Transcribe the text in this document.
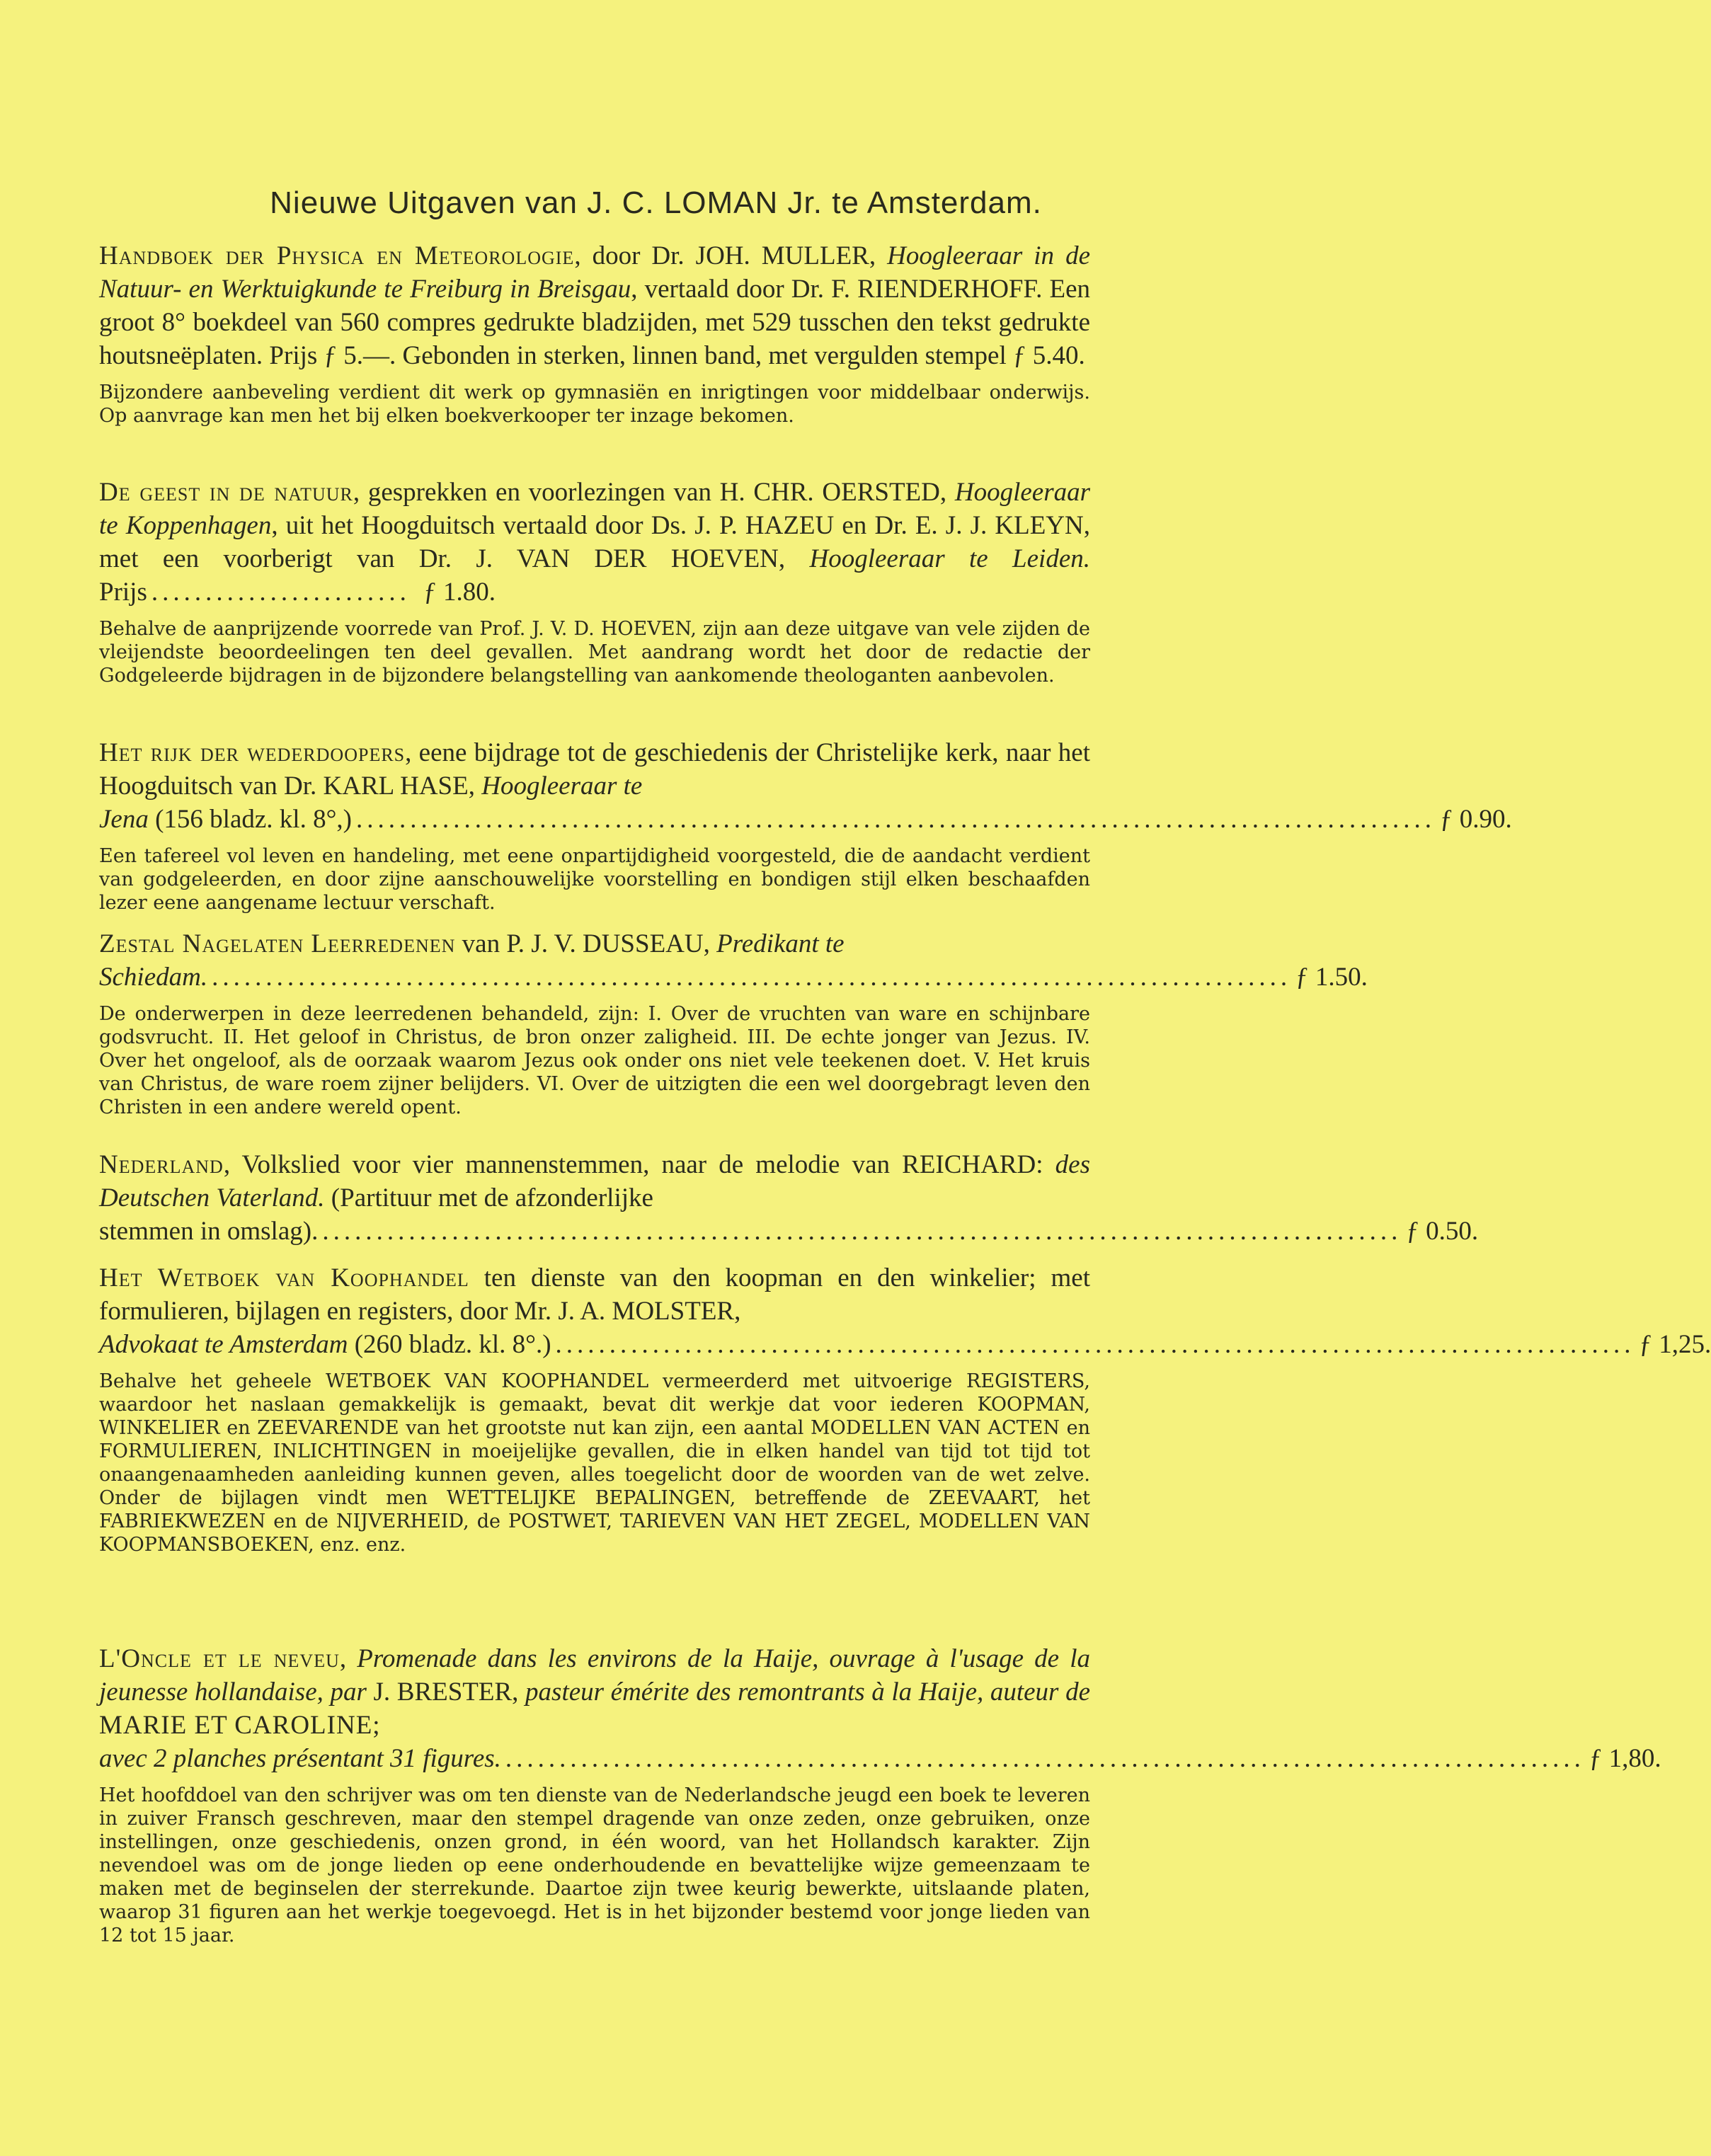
Nieuwe Uitgaven van J. C. LOMAN Jr. te Amsterdam.
Handboek der Physica en Meteorologie, door Dr. JOH. MULLER, Hoogleeraar in de Natuur- en Werktuigkunde te Freiburg in Breisgau, vertaald door Dr. F. RIENDERHOFF. Een groot 8° boekdeel van 560 compres gedrukte bladzijden, met 529 tusschen den tekst gedrukte houtsneëplaten. Prijs ƒ 5.—. Gebonden in sterken, linnen band, met vergulden stempel ƒ 5.40.
Bijzondere aanbeveling verdient dit werk op gymnasiën en inrigtingen voor middelbaar onderwijs. Op aanvrage kan men het bij elken boekverkooper ter inzage bekomen.
De geest in de natuur, gesprekken en voorlezingen van H. CHR. OERSTED, Hoogleeraar te Koppenhagen, uit het Hoogduitsch vertaald door Ds. J. P. HAZEU en Dr. E. J. J. KLEYN, met een voorberigt van Dr. J. VAN DER HOEVEN, Hoogleeraar te Leiden.
Prijs ........................ ƒ 1.80.
Behalve de aanprijzende voorrede van Prof. J. V. D. HOEVEN, zijn aan deze uitgave van vele zijden de vleijendste beoordeelingen ten deel gevallen. Met aandrang wordt het door de redactie der Godgeleerde bijdragen in de bijzondere belangstelling van aankomende theologanten aanbevolen.
Het rijk der wederdoopers, eene bijdrage tot de geschiedenis der Christelijke kerk, naar het Hoogduitsch van Dr. KARL HASE, Hoogleeraar te
Jena (156 bladz. kl. 8°,) .................................................................................................... ƒ 0.90.
Een tafereel vol leven en handeling, met eene onpartijdigheid voorgesteld, die de aandacht verdient van godgeleerden, en door zijne aanschouwelijke voorstelling en bondigen stijl elken beschaafden lezer eene aangename lectuur verschaft.
Zestal Nagelaten Leerredenen van P. J. V. DUSSEAU, Predikant te
Schiedam. .................................................................................................... ƒ 1.50.
De onderwerpen in deze leerredenen behandeld, zijn: I. Over de vruchten van ware en schijnbare godsvrucht. II. Het geloof in Christus, de bron onzer zaligheid. III. De echte jonger van Jezus. IV. Over het ongeloof, als de oorzaak waarom Jezus ook onder ons niet vele teekenen doet. V. Het kruis van Christus, de ware roem zijner belijders. VI. Over de uitzigten die een wel doorgebragt leven den Christen in een andere wereld opent.
Nederland, Volkslied voor vier mannenstemmen, naar de melodie van REICHARD: des Deutschen Vaterland. (Partituur met de afzonderlijke
stemmen in omslag). .................................................................................................... ƒ 0.50.
Het Wetboek van Koophandel ten dienste van den koopman en den winkelier; met formulieren, bijlagen en registers, door Mr. J. A. MOLSTER,
Advokaat te Amsterdam (260 bladz. kl. 8°.) .................................................................................................... ƒ 1,25.
Behalve het geheele WETBOEK VAN KOOPHANDEL vermeerderd met uitvoerige REGISTERS, waardoor het naslaan gemakkelijk is gemaakt, bevat dit werkje dat voor iederen KOOPMAN, WINKELIER en ZEEVARENDE van het grootste nut kan zijn, een aantal MODELLEN VAN ACTEN en FORMULIEREN, INLICHTINGEN in moeijelijke gevallen, die in elken handel van tijd tot tijd tot onaangenaamheden aanleiding kunnen geven, alles toegelicht door de woorden van de wet zelve. Onder de bijlagen vindt men WETTELIJKE BEPALINGEN, betreffende de ZEEVAART, het FABRIEKWEZEN en de NIJVERHEID, de POSTWET, TARIEVEN VAN HET ZEGEL, MODELLEN VAN KOOPMANSBOEKEN, enz. enz.
L'Oncle et le neveu, Promenade dans les environs de la Haije, ouvrage à l'usage de la jeunesse hollandaise, par J. BRESTER, pasteur émérite des remontrants à la Haije, auteur de MARIE ET CAROLINE;
avec 2 planches présentant 31 figures. .................................................................................................... ƒ 1,80.
Het hoofddoel van den schrijver was om ten dienste van de Nederlandsche jeugd een boek te leveren in zuiver Fransch geschreven, maar den stempel dragende van onze zeden, onze gebruiken, onze instellingen, onze geschiedenis, onzen grond, in één woord, van het Hollandsch karakter. Zijn nevendoel was om de jonge lieden op eene onderhoudende en bevattelijke wijze gemeenzaam te maken met de beginselen der sterrekunde. Daartoe zijn twee keurig bewerkte, uitslaande platen, waarop 31 figuren aan het werkje toegevoegd. Het is in het bijzonder bestemd voor jonge lieden van 12 tot 15 jaar.
